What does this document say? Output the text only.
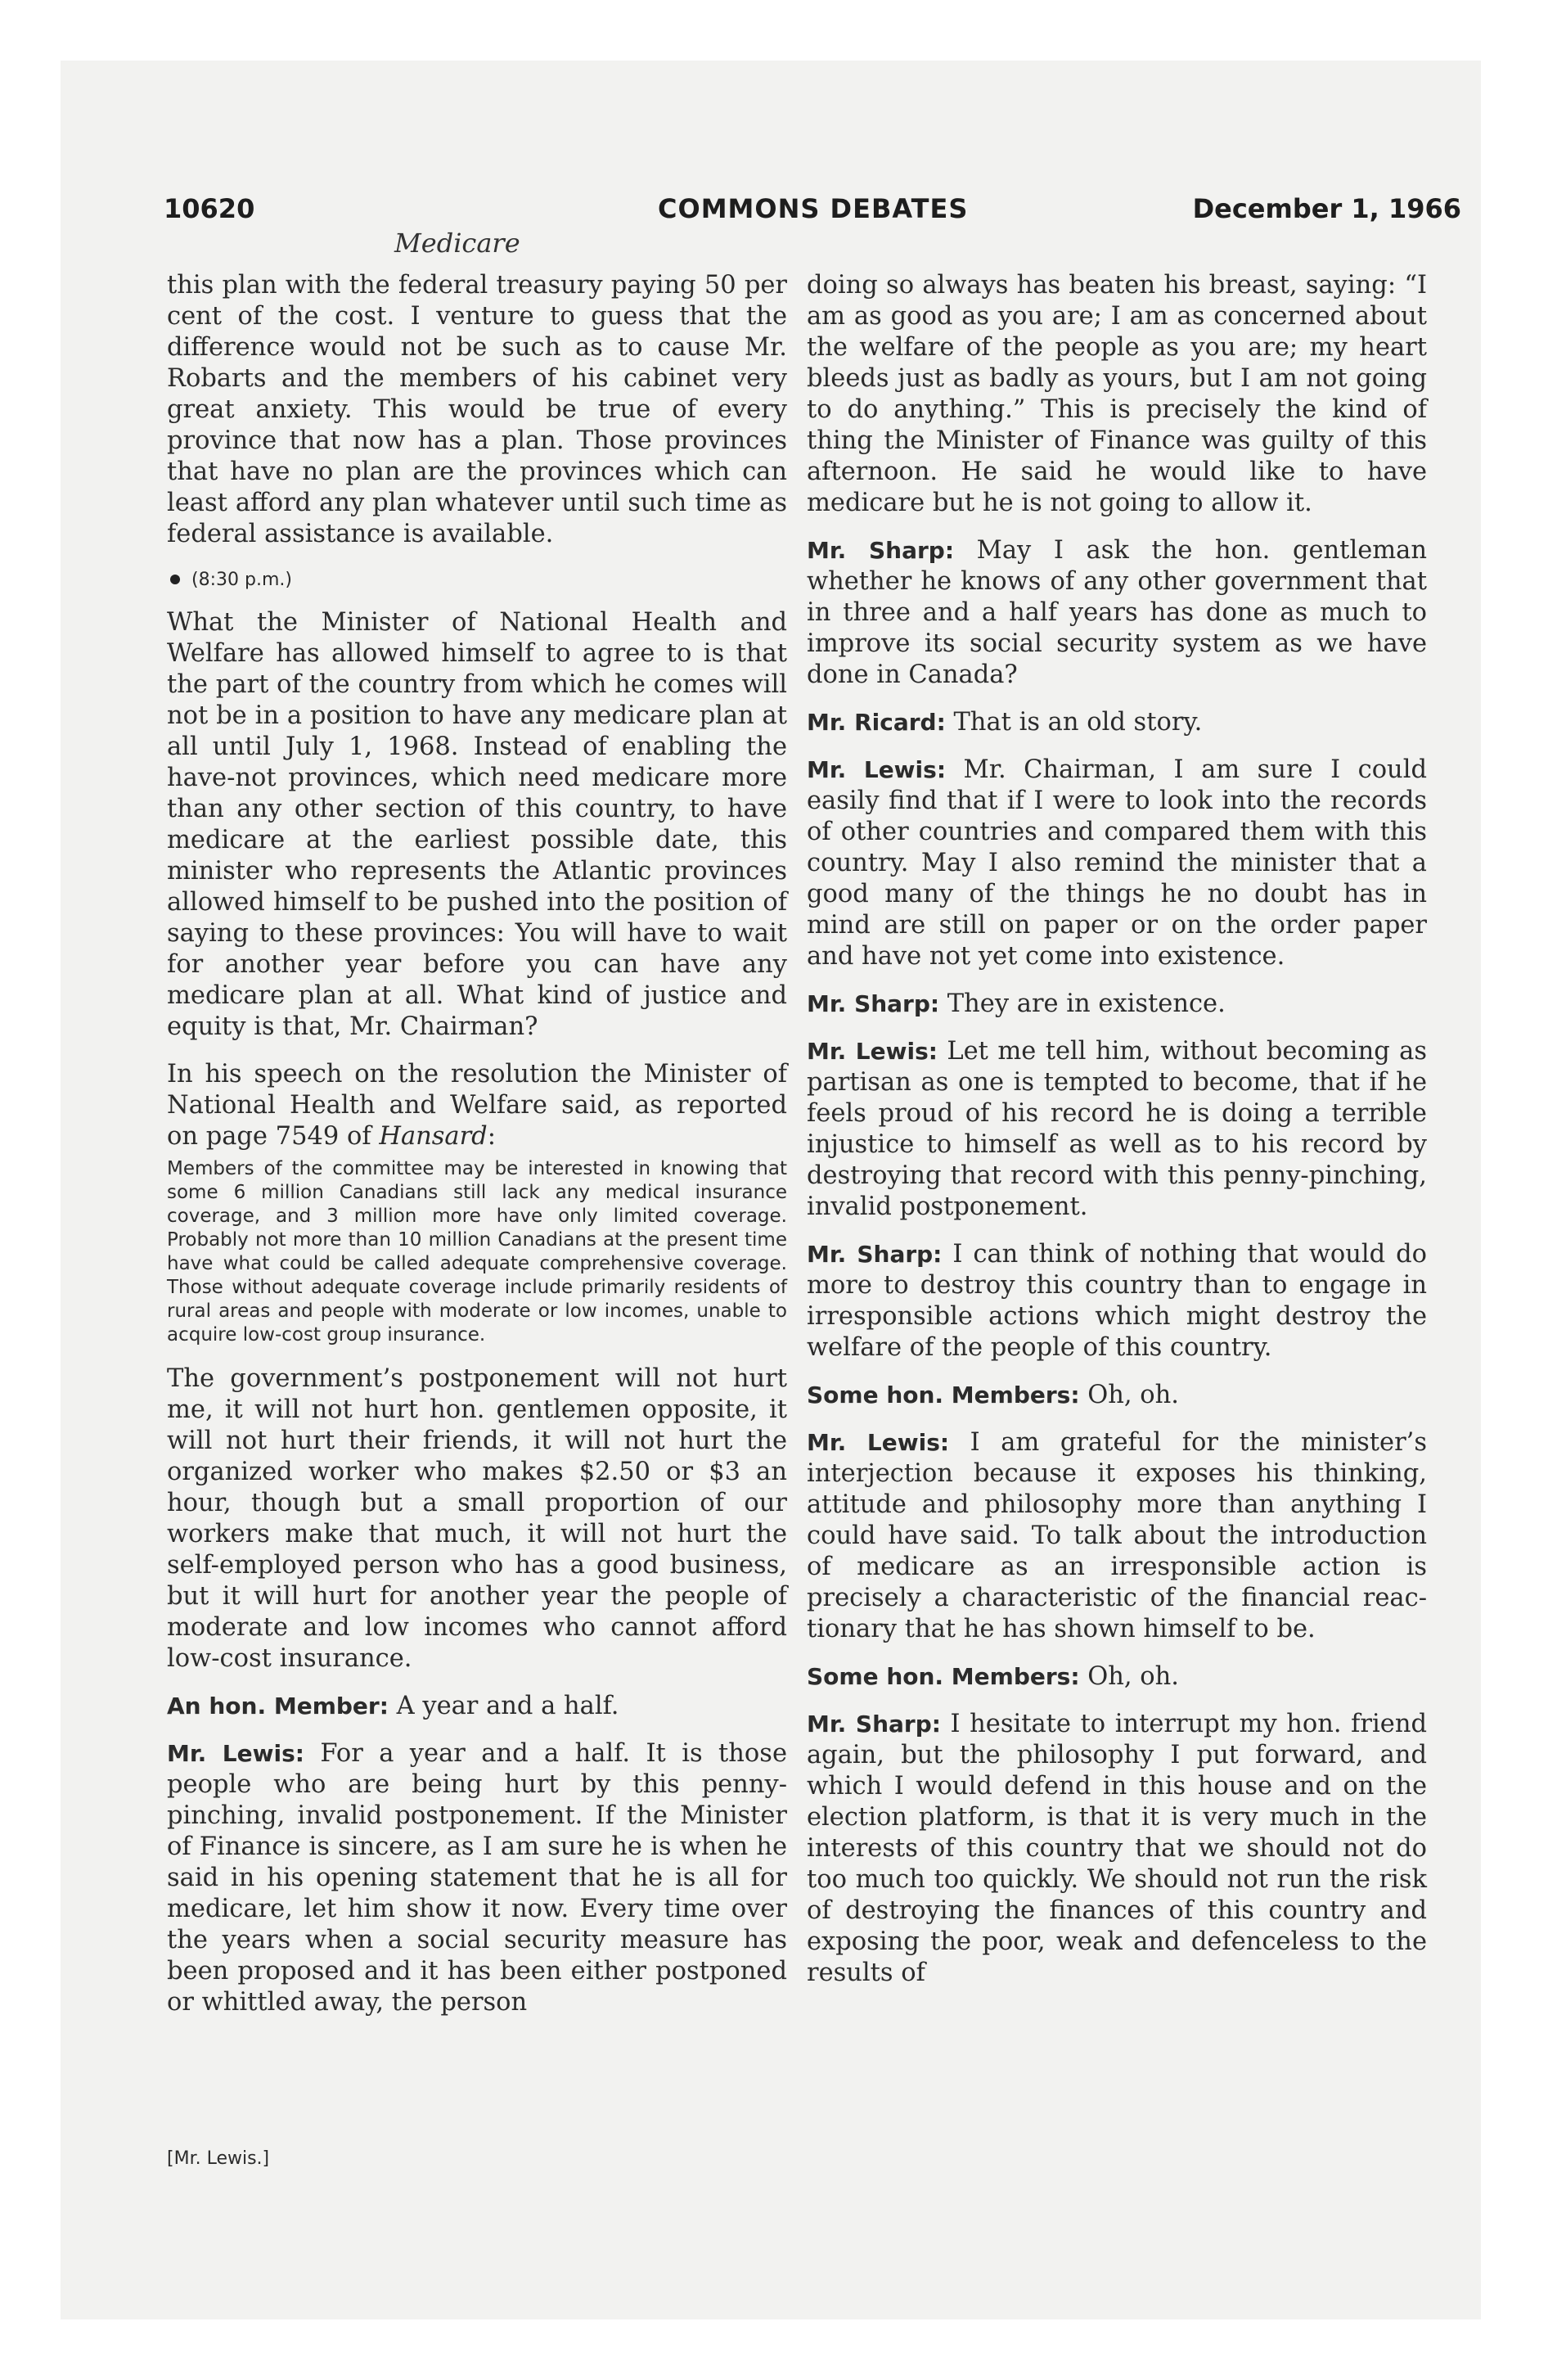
10620	COMMONS DEBATES	December 1, 1966
Medicare

this plan with the federal treasury paying 50 per cent of the cost. I venture to guess that the difference would not be such as to cause Mr. Robarts and the members of his cabinet very great anxiety. This would be true of every province that now has a plan. Those provinces that have no plan are the provinces which can least afford any plan whatever until such time as federal assistance is available.

(8:30 p.m.)

What the Minister of National Health and Welfare has allowed himself to agree to is that the part of the country from which he comes will not be in a position to have any medicare plan at all until July 1, 1968. Instead of enabling the have-not provinces, which need medicare more than any other section of this country, to have medicare at the earliest possible date, this minister who represents the Atlantic provinces allowed himself to be pushed into the position of saying to these provinces: You will have to wait for another year before you can have any medicare plan at all. What kind of justice and equity is that, Mr. Chairman?

In his speech on the resolution the Minister of National Health and Welfare said, as reported on page 7549 of Hansard:

Members of the committee may be interested in knowing that some 6 million Canadians still lack any medical insurance coverage, and 3 million more have only limited coverage. Probably not more than 10 million Canadians at the present time have what could be called adequate comprehensive coverage. Those without adequate coverage include primarily residents of rural areas and people with moderate or low incomes, unable to acquire low-cost group insurance.

The government’s postponement will not hurt me, it will not hurt hon. gentlemen opposite, it will not hurt their friends, it will not hurt the organized worker who makes $2.50 or $3 an hour, though but a small proportion of our workers make that much, it will not hurt the self-employed person who has a good business, but it will hurt for another year the people of moderate and low incomes who cannot afford low-cost insurance.

An hon. Member: A year and a half.

Mr. Lewis: For a year and a half. It is those people who are being hurt by this penny-pinching, invalid postponement. If the Minister of Finance is sincere, as I am sure he is when he said in his opening statement that he is all for medicare, let him show it now. Every time over the years when a social security measure has been proposed and it has been either postponed or whittled away, the person

doing so always has beaten his breast, saying: “I am as good as you are; I am as concerned about the welfare of the people as you are; my heart bleeds just as badly as yours, but I am not going to do anything.” This is precisely the kind of thing the Minister of Finance was guilty of this afternoon. He said he would like to have medicare but he is not going to allow it.

Mr. Sharp: May I ask the hon. gentleman whether he knows of any other government that in three and a half years has done as much to improve its social security system as we have done in Canada?

Mr. Ricard: That is an old story.

Mr. Lewis: Mr. Chairman, I am sure I could easily find that if I were to look into the records of other countries and compared them with this country. May I also remind the minister that a good many of the things he no doubt has in mind are still on paper or on the order paper and have not yet come into existence.

Mr. Sharp: They are in existence.

Mr. Lewis: Let me tell him, without becoming as partisan as one is tempted to become, that if he feels proud of his record he is doing a terrible injustice to himself as well as to his record by destroying that record with this penny-pinching, invalid postponement.

Mr. Sharp: I can think of nothing that would do more to destroy this country than to engage in irresponsible actions which might destroy the welfare of the people of this country.

Some hon. Members: Oh, oh.

Mr. Lewis: I am grateful for the minister’s interjection because it exposes his thinking, attitude and philosophy more than anything I could have said. To talk about the introduction of medicare as an irresponsible action is precisely a characteristic of the financial reactionary that he has shown himself to be.

Some hon. Members: Oh, oh.

Mr. Sharp: I hesitate to interrupt my hon. friend again, but the philosophy I put forward, and which I would defend in this house and on the election platform, is that it is very much in the interests of this country that we should not do too much too quickly. We should not run the risk of destroying the finances of this country and exposing the poor, weak and defenceless to the results of

[Mr. Lewis.]
